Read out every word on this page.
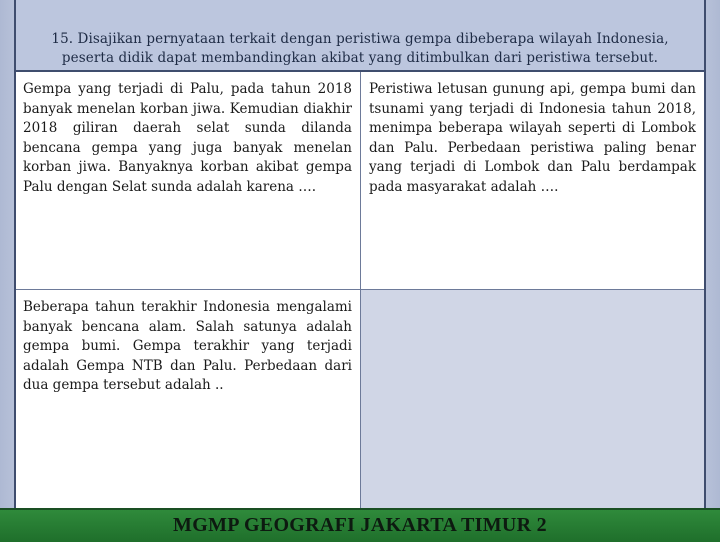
15. Disajikan pernyataan terkait dengan peristiwa gempa dibeberapa wilayah Indonesia, peserta didik dapat membandingkan akibat yang ditimbulkan dari peristiwa tersebut.
Gempa yang terjadi di Palu, pada tahun 2018 banyak menelan korban jiwa. Kemudian diakhir 2018 giliran daerah selat sunda dilanda bencana gempa yang juga banyak menelan korban jiwa. Banyaknya korban akibat gempa Palu dengan Selat sunda adalah karena ….
Peristiwa letusan gunung api, gempa bumi dan tsunami yang terjadi di Indonesia tahun 2018, menimpa beberapa wilayah seperti di Lombok dan Palu. Perbedaan peristiwa paling benar yang terjadi di Lombok dan Palu berdampak pada masyarakat adalah ….
Beberapa tahun terakhir Indonesia mengalami banyak bencana alam. Salah satunya adalah gempa bumi. Gempa terakhir yang terjadi adalah Gempa NTB dan Palu. Perbedaan dari dua gempa tersebut adalah ..
MGMP GEOGRAFI JAKARTA TIMUR 2
